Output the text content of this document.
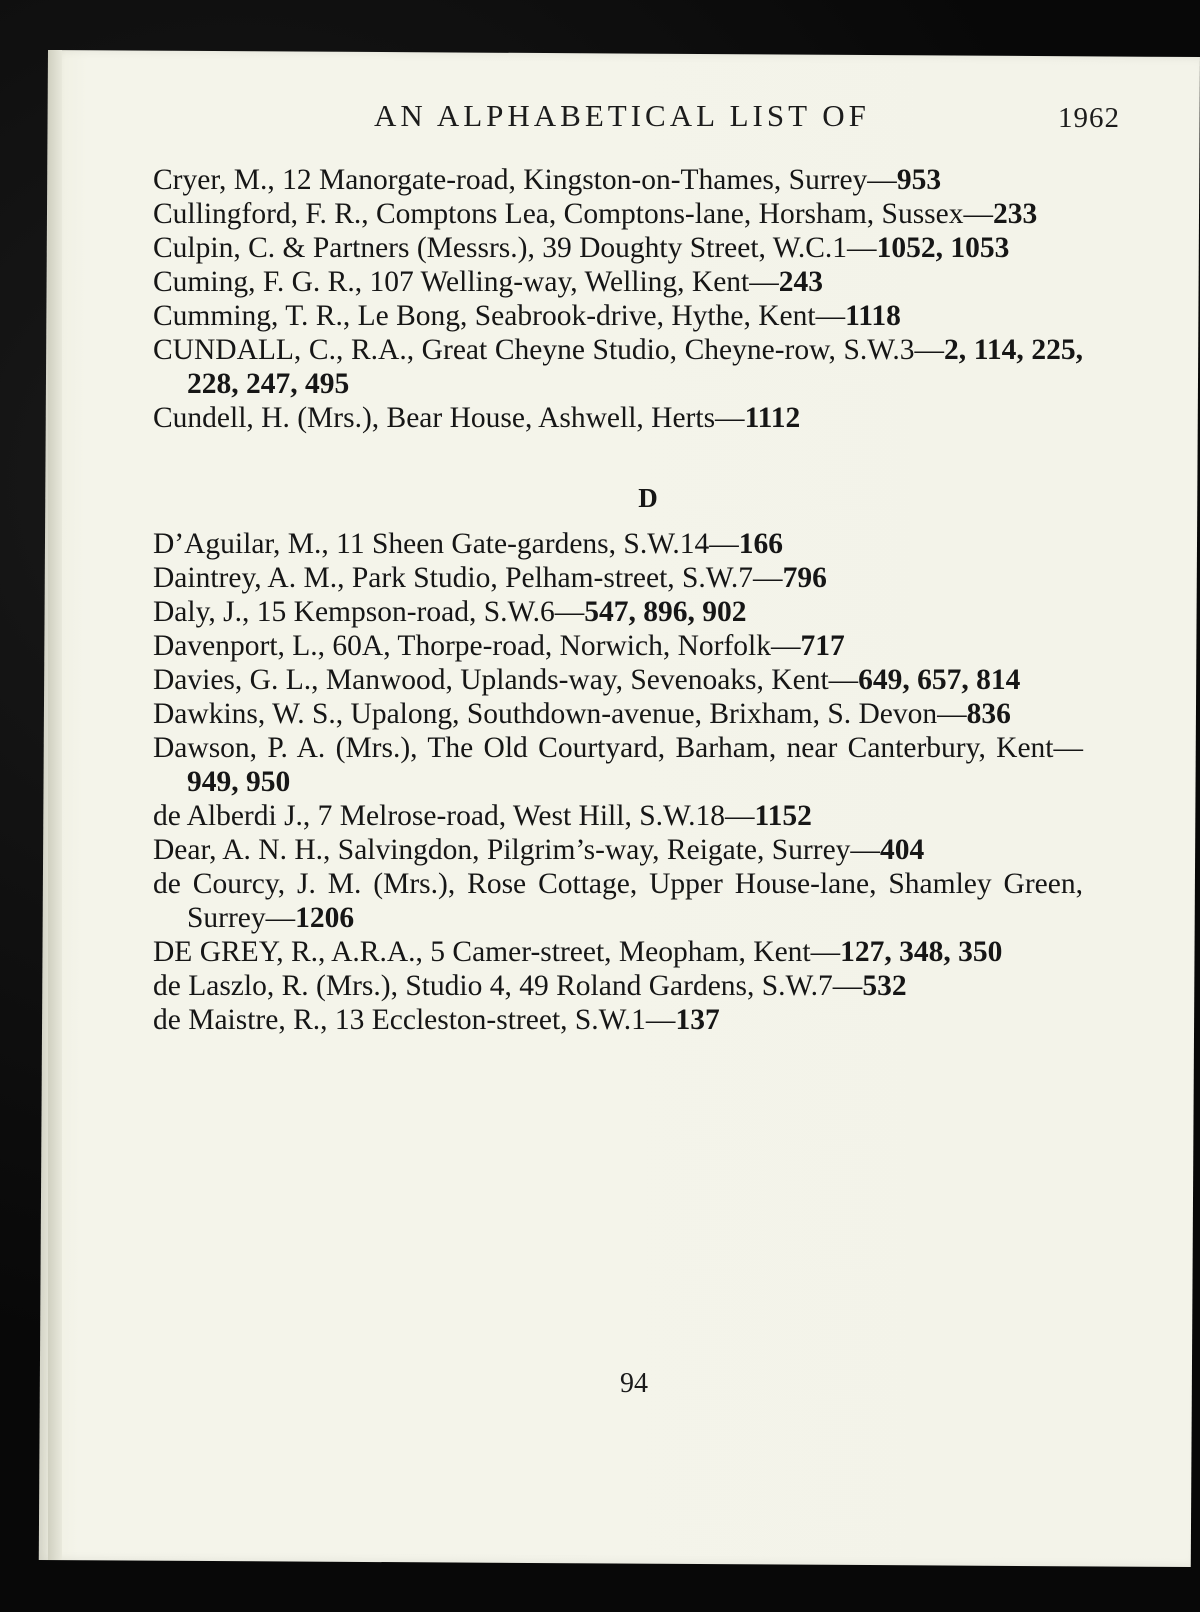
AN ALPHABETICAL LIST OF	1962

Cryer, M., 12 Manorgate-road, Kingston-on-Thames, Surrey—953

Cullingford, F. R., Comptons Lea, Comptons-lane, Horsham, Sussex—233

Culpin, C. & Partners (Messrs.), 39 Doughty Street, W.C.1—1052, 1053

Cuming, F. G. R., 107 Welling-way, Welling, Kent—243

Cumming, T. R., Le Bong, Seabrook-drive, Hythe, Kent—1118

CUNDALL, C., R.A., Great Cheyne Studio, Cheyne-row, S.W.3—2, 114, 225, 228, 247, 495

Cundell, H. (Mrs.), Bear House, Ashwell, Herts—1112

D

D’Aguilar, M., 11 Sheen Gate-gardens, S.W.14—166

Daintrey, A. M., Park Studio, Pelham-street, S.W.7—796

Daly, J., 15 Kempson-road, S.W.6—547, 896, 902

Davenport, L., 60A, Thorpe-road, Norwich, Norfolk—717

Davies, G. L., Manwood, Uplands-way, Sevenoaks, Kent—649, 657, 814

Dawkins, W. S., Upalong, Southdown-avenue, Brixham, S. Devon—836

Dawson, P. A. (Mrs.), The Old Courtyard, Barham, near Canterbury, Kent—949, 950

de Alberdi J., 7 Melrose-road, West Hill, S.W.18—1152

Dear, A. N. H., Salvingdon, Pilgrim’s-way, Reigate, Surrey—404

de Courcy, J. M. (Mrs.), Rose Cottage, Upper House-lane, Shamley Green, Surrey—1206

DE GREY, R., A.R.A., 5 Camer-street, Meopham, Kent—127, 348, 350

de Laszlo, R. (Mrs.), Studio 4, 49 Roland Gardens, S.W.7—532

de Maistre, R., 13 Eccleston-street, S.W.1—137

94
